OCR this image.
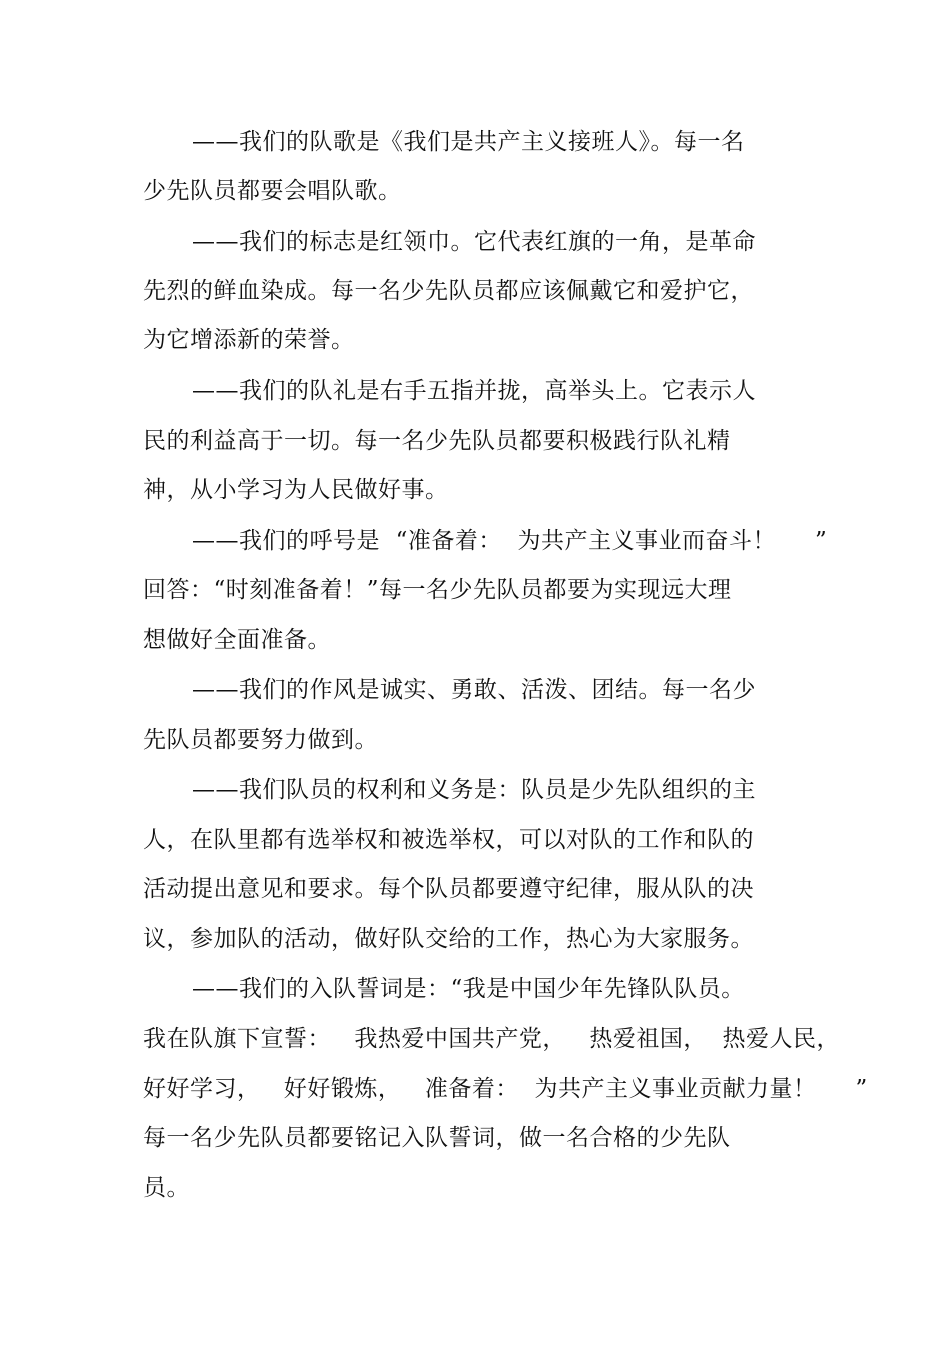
——我们的队歌是《我们是共产主义接班人》。每一名
少先队员都要会唱队歌。
——我们的标志是红领巾。它代表红旗的一角，是革命
先烈的鲜血染成。每一名少先队员都应该佩戴它和爱护它，
为它增添新的荣誉。
——我们的队礼是右手五指并拢，高举头上。它表示人
民的利益高于一切。每一名少先队员都要积极践行队礼精
神，从小学习为人民做好事。
——我们的呼号是  “准备着：  为共产主义事业而奋斗！     ”
回答：“时刻准备着！”每一名少先队员都要为实现远大理
想做好全面准备。
——我们的作风是诚实、勇敢、活泼、团结。每一名少
先队员都要努力做到。
——我们队员的权利和义务是：队员是少先队组织的主
人，在队里都有选举权和被选举权，可以对队的工作和队的
活动提出意见和要求。每个队员都要遵守纪律，服从队的决
议，参加队的活动，做好队交给的工作，热心为大家服务。
——我们的入队誓词是：“我是中国少年先锋队队员。
我在队旗下宣誓：   我热爱中国共产党，   热爱祖国，  热爱人民，
好好学习，   好好锻炼，   准备着：  为共产主义事业贡献力量！     ”
每一名少先队员都要铭记入队誓词，做一名合格的少先队
员。
